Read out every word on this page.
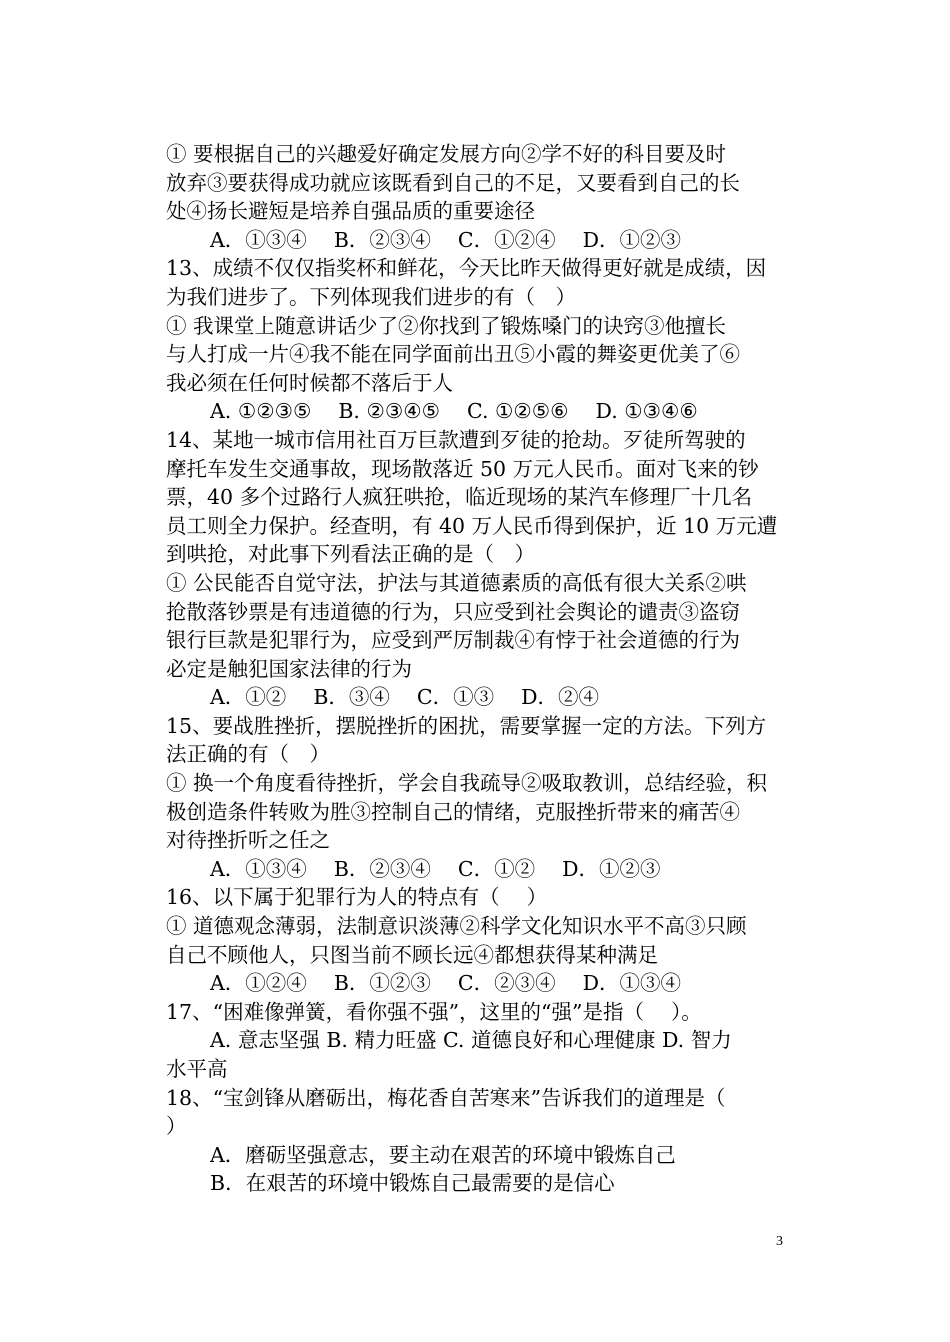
① 要根据自己的兴趣爱好确定发展方向②学不好的科目要及时
放弃③要获得成功就应该既看到自己的不足，又要看到自己的长
处④扬长避短是培养自强品质的重要途径
A．①③④　 B．②③④　 C．①②④　 D．①②③
13、成绩不仅仅指奖杯和鲜花，今天比昨天做得更好就是成绩，因
为我们进步了。下列体现我们进步的有（　）
① 我课堂上随意讲话少了②你找到了锻炼嗓门的诀窍③他擅长
与人打成一片④我不能在同学面前出丑⑤小霞的舞姿更优美了⑥
我必须在任何时候都不落后于人
A. ①②③⑤　 B. ②③④⑤　 C. ①②⑤⑥　 D. ①③④⑥
14、某地一城市信用社百万巨款遭到歹徒的抢劫。歹徒所驾驶的
摩托车发生交通事故，现场散落近 50 万元人民币。面对飞来的钞
票，40 多个过路行人疯狂哄抢，临近现场的某汽车修理厂十几名
员工则全力保护。经查明，有 40 万人民币得到保护，近 10 万元遭
到哄抢，对此事下列看法正确的是（　）
① 公民能否自觉守法，护法与其道德素质的高低有很大关系②哄
抢散落钞票是有违道德的行为，只应受到社会舆论的谴责③盗窃
银行巨款是犯罪行为，应受到严厉制裁④有悖于社会道德的行为
必定是触犯国家法律的行为
A．①②　 B．③④　 C．①③　 D．②④
15、要战胜挫折，摆脱挫折的困扰，需要掌握一定的方法。下列方
法正确的有（　）
① 换一个角度看待挫折，学会自我疏导②吸取教训，总结经验，积
极创造条件转败为胜③控制自己的情绪，克服挫折带来的痛苦④
对待挫折听之任之
A．①③④　 B．②③④　 C．①②　 D．①②③
16、以下属于犯罪行为人的特点有（　 ）
① 道德观念薄弱，法制意识淡薄②科学文化知识水平不高③只顾
自己不顾他人，只图当前不顾长远④都想获得某种满足
A．①②④　 B．①②③　 C．②③④　 D．①③④
17、“困难像弹簧，看你强不强”，这里的“强”是指（　 ）。
A. 意志坚强 B. 精力旺盛 C. 道德良好和心理健康 D. 智力
水平高
18、“宝剑锋从磨砺出，梅花香自苦寒来”告诉我们的道理是（
）
A．磨砺坚强意志，要主动在艰苦的环境中锻炼自己
B．在艰苦的环境中锻炼自己最需要的是信心
3
